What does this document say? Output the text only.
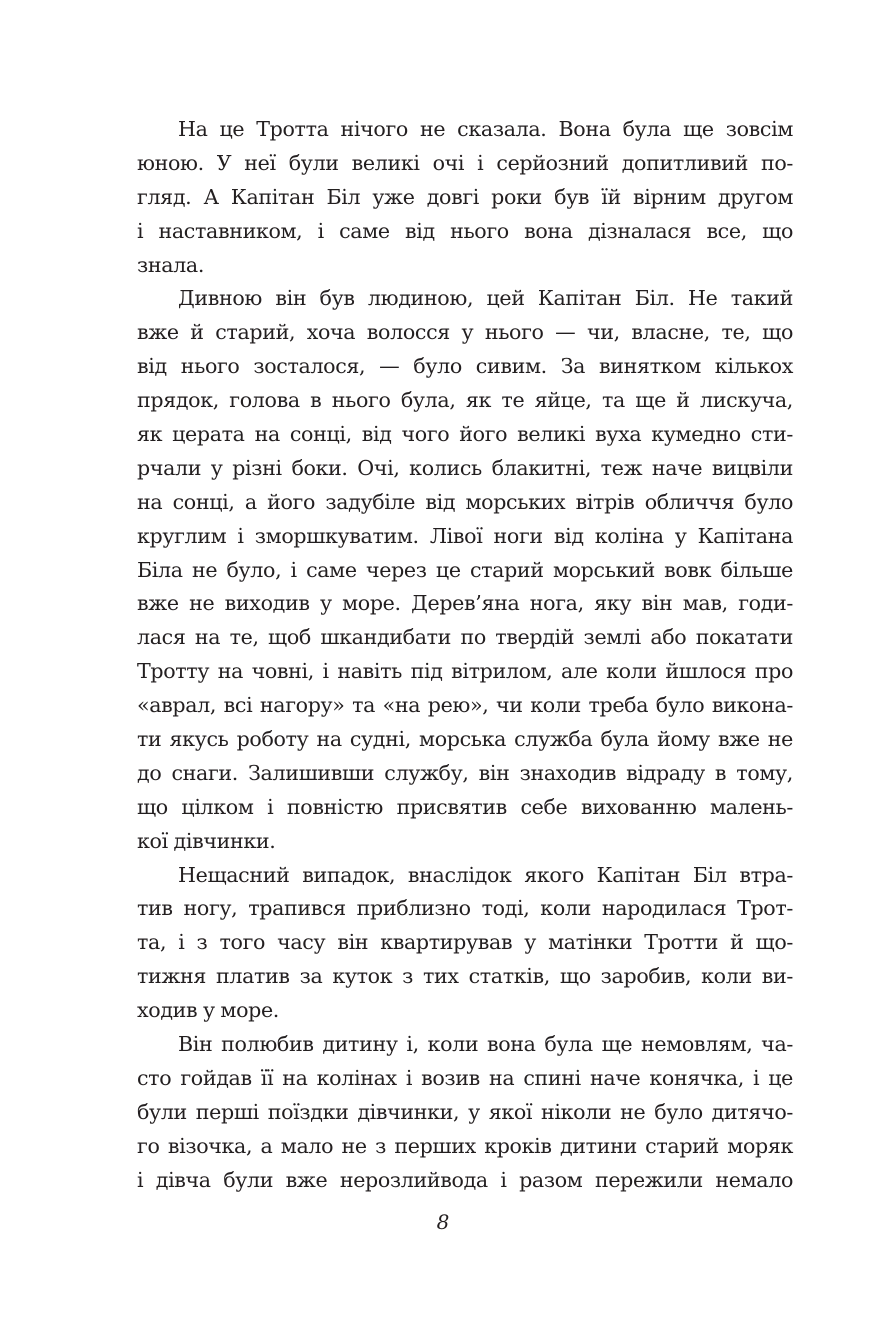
На це Тротта нічого не сказала. Вона була ще зовсім
юною. У неї були великі очі і серйозний допитливий по-
гляд. А Капітан Біл уже довгі роки був їй вірним другом
і наставником, і саме від нього вона дізналася все, що
знала.
Дивною він був людиною, цей Капітан Біл. Не такий
вже й старий, хоча волосся у нього — чи, власне, те, що
від нього зосталося, — було сивим. За винятком кількох
прядок, голова в нього була, як те яйце, та ще й лискуча,
як церата на сонці, від чого його великі вуха кумедно сти-
рчали у різні боки. Очі, колись блакитні, теж наче вицвіли
на сонці, а його задубіле від морських вітрів обличчя було
круглим і зморшкуватим. Лівої ноги від коліна у Капітана
Біла не було, і саме через це старий морський вовк більше
вже не виходив у море. Дерев’яна нога, яку він мав, годи-
лася на те, щоб шкандибати по твердій землі або покатати
Тротту на човні, і навіть під вітрилом, але коли йшлося про
«аврал, всі нагору» та «на рею», чи коли треба було викона-
ти якусь роботу на судні, морська служба була йому вже не
до снаги. Залишивши службу, він знаходив відраду в тому,
що цілком і повністю присвятив себе вихованню малень-
кої дівчинки.
Нещасний випадок, внаслідок якого Капітан Біл втра-
тив ногу, трапився приблизно тоді, коли народилася Трот-
та, і з того часу він квартирував у матінки Тротти й що-
тижня платив за куток з тих статків, що заробив, коли ви-
ходив у море.
Він полюбив дитину і, коли вона була ще немовлям, ча-
сто гойдав її на колінах і возив на спині наче конячка, і це
були перші поїздки дівчинки, у якої ніколи не було дитячо-
го візочка, а мало не з перших кроків дитини старий моряк
і дівча були вже нерозлийвода і разом пережили немало
8
